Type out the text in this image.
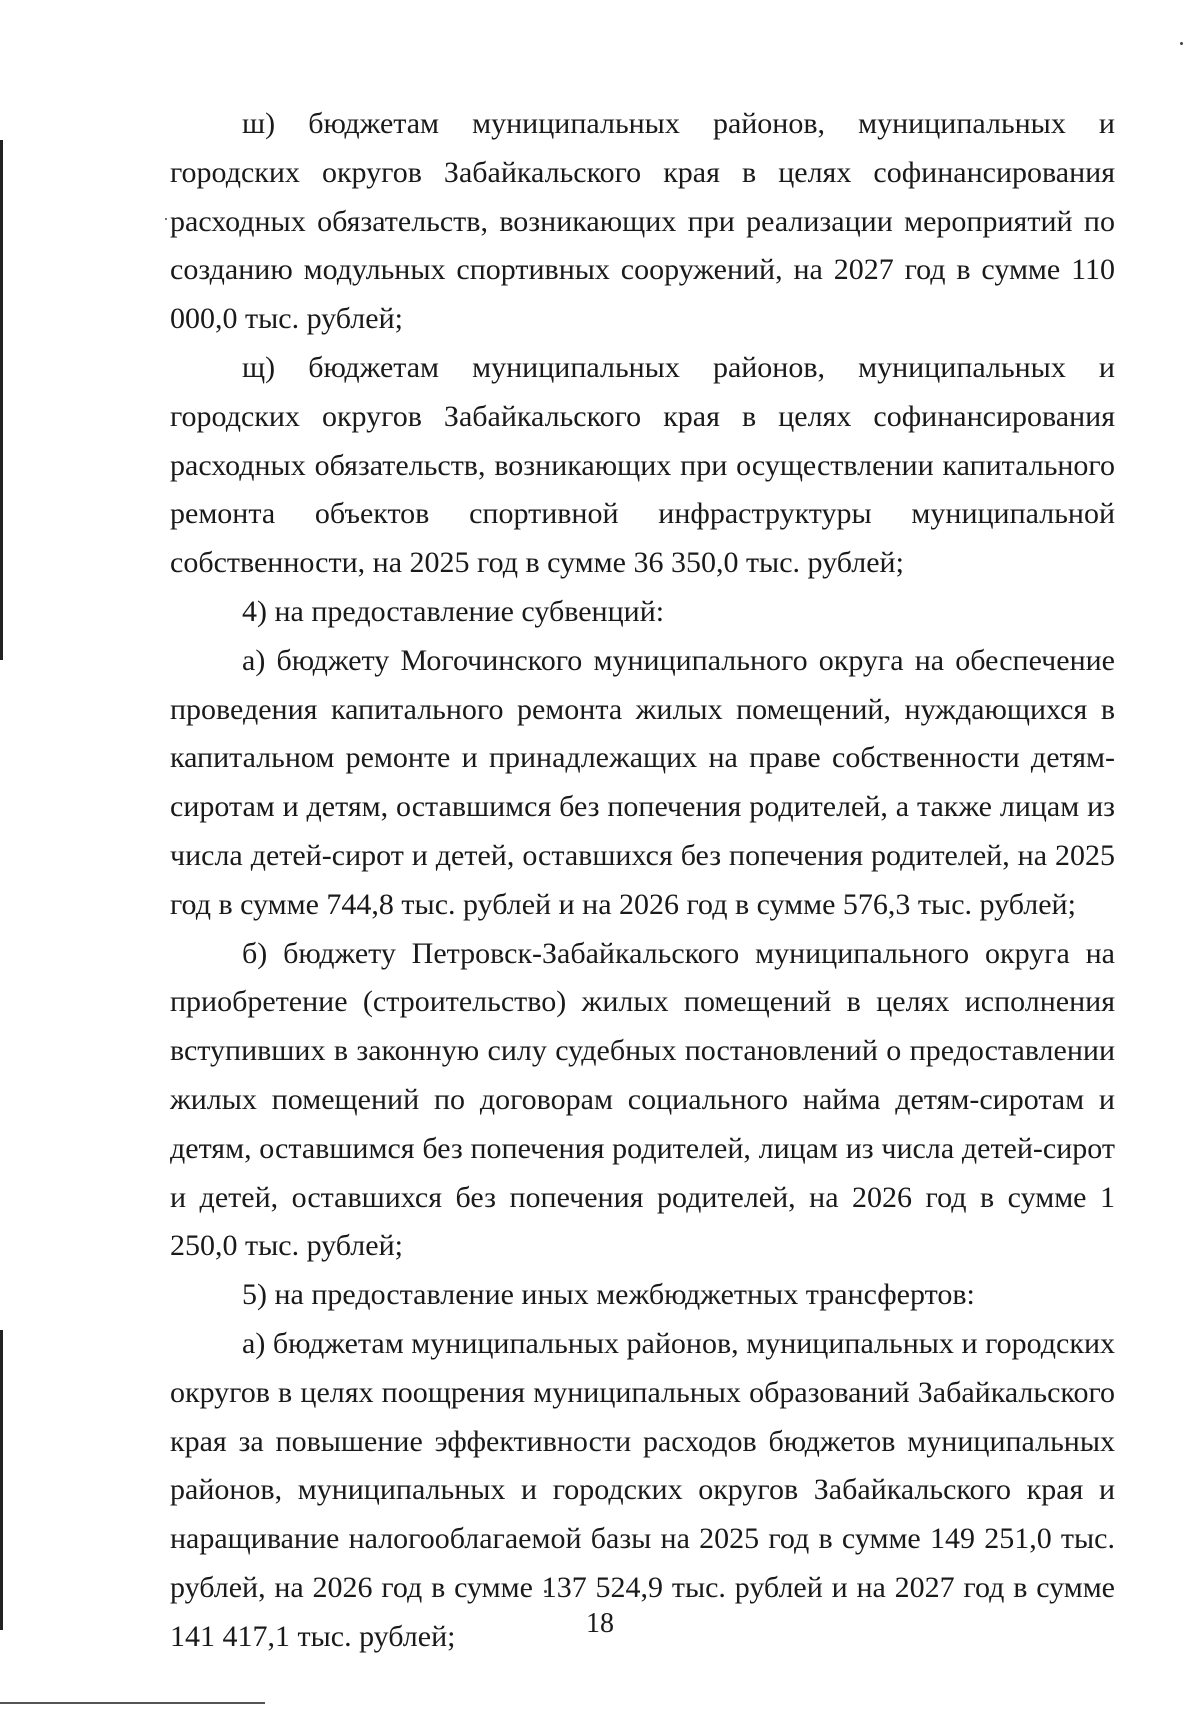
ш) бюджетам муниципальных районов, муниципальных и городских округов Забайкальского края в целях софинансирования расходных обязательств, возникающих при реализации мероприятий по созданию модульных спортивных сооружений, на 2027 год в сумме 110 000,0 тыс. рублей;

щ) бюджетам муниципальных районов, муниципальных и городских округов Забайкальского края в целях софинансирования расходных обязательств, возникающих при осуществлении капитального ремонта объектов спортивной инфраструктуры муниципальной собственности, на 2025 год в сумме 36 350,0 тыс. рублей;

4) на предоставление субвенций:

а) бюджету Могочинского муниципального округа на обеспечение проведения капитального ремонта жилых помещений, нуждающихся в капитальном ремонте и принадлежащих на праве собственности детям-сиротам и детям, оставшимся без попечения родителей, а также лицам из числа детей-сирот и детей, оставшихся без попечения родителей, на 2025 год в сумме 744,8 тыс. рублей и на 2026 год в сумме 576,3 тыс. рублей;

б) бюджету Петровск-Забайкальского муниципального округа на приобретение (строительство) жилых помещений в целях исполнения вступивших в законную силу судебных постановлений о предоставлении жилых помещений по договорам социального найма детям-сиротам и детям, оставшимся без попечения родителей, лицам из числа детей-сирот и детей, оставшихся без попечения родителей, на 2026 год в сумме 1 250,0 тыс. рублей;

5) на предоставление иных межбюджетных трансфертов:

а) бюджетам муниципальных районов, муниципальных и городских округов в целях поощрения муниципальных образований Забайкальского края за повышение эффективности расходов бюджетов муниципальных районов, муниципальных и городских округов Забайкальского края и наращивание налогооблагаемой базы на 2025 год в сумме 149 251,0 тыс. рублей, на 2026 год в сумме 137 524,9 тыс. рублей и на 2027 год в сумме 141 417,1 тыс. рублей;	18
